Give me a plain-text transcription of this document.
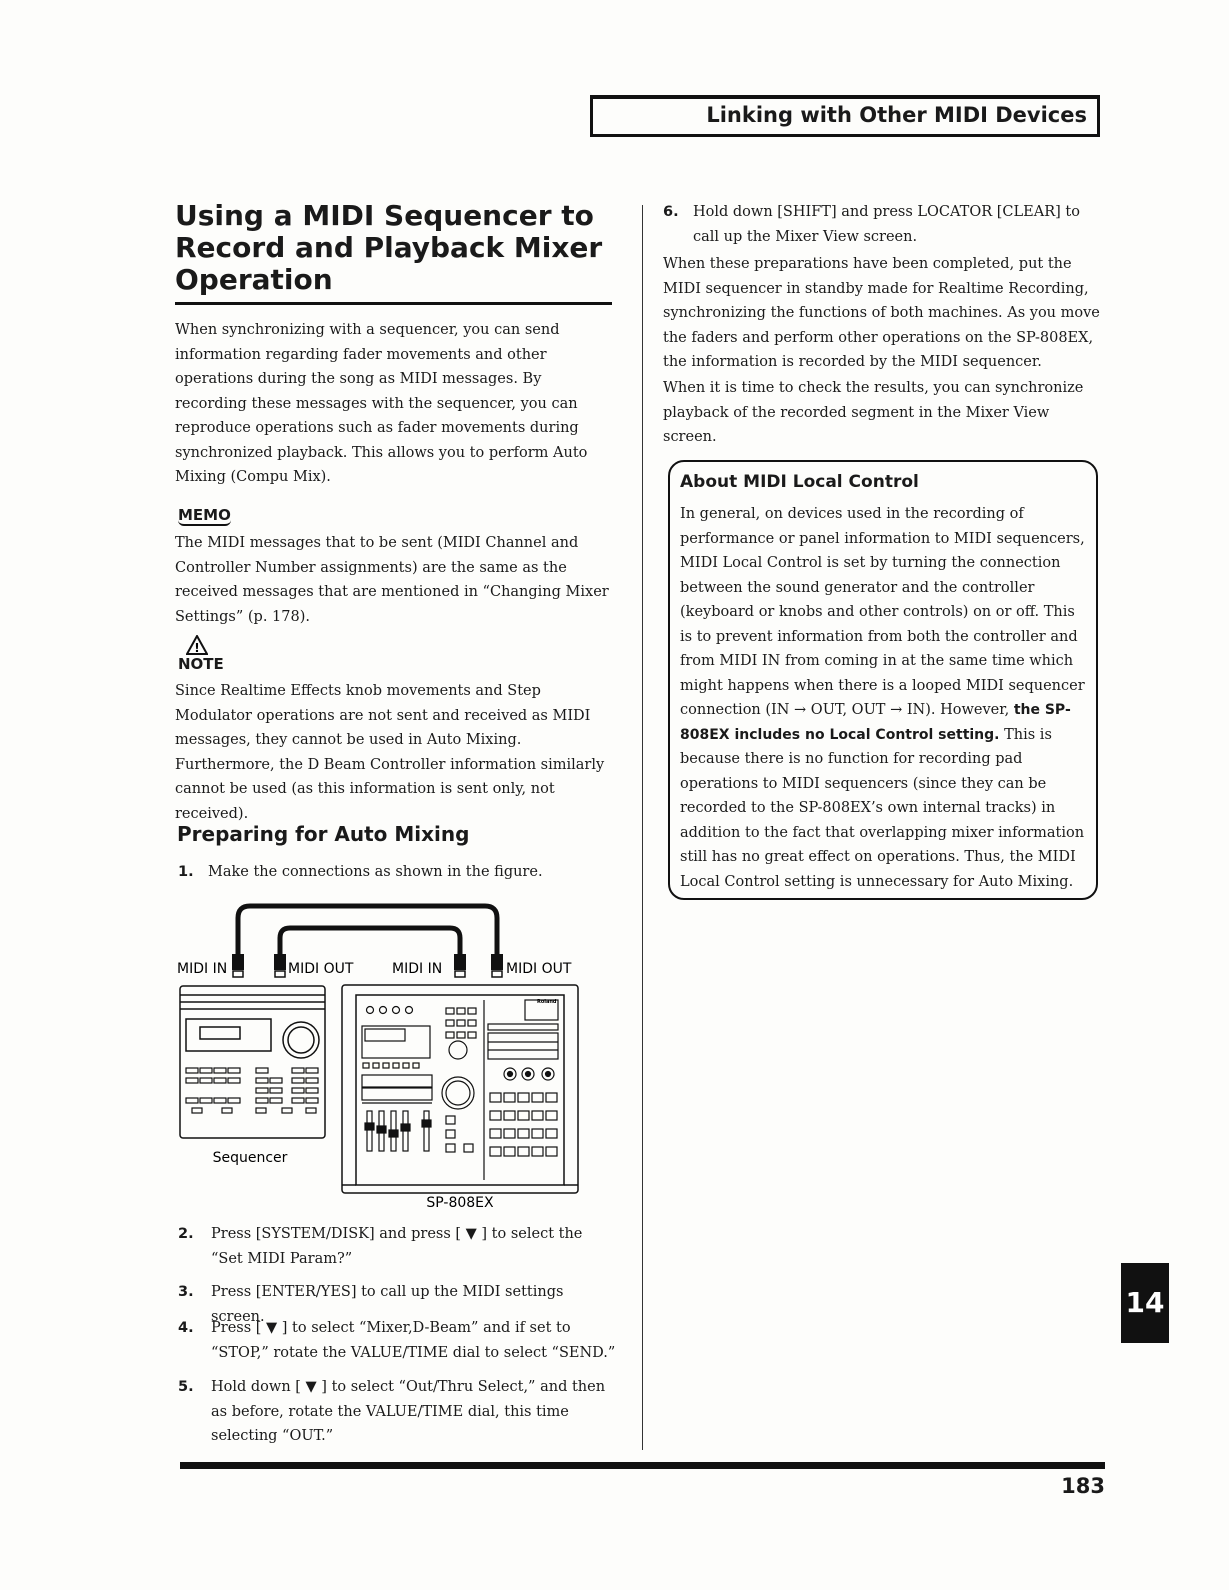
Linking with Other MIDI Devices
Using a MIDI Sequencer to
Record and Playback Mixer
Operation
When synchronizing with a sequencer, you can send information regarding fader movements and other operations during the song as MIDI messages. By recording these messages with the sequencer, you can reproduce operations such as fader movements during synchronized playback. This allows you to perform Auto Mixing (Compu Mix).
MEMO
The MIDI messages that to be sent (MIDI Channel and Controller Number assignments) are the same as the received messages that are mentioned in “Changing Mixer Settings” (p. 178).
!
NOTE
Since Realtime Effects knob movements and Step Modulator operations are not sent and received as MIDI messages, they cannot be used in Auto Mixing. Furthermore, the D Beam Controller information similarly cannot be used (as this information is sent only, not received).
Preparing for Auto Mixing
1. Make the connections as shown in the figure.
MIDI IN	MIDI OUT	MIDI IN	MIDI OUT
Sequencer
Roland
SP-808EX
2.	Press [SYSTEM/DISK] and press [ ▼ ] to select the “Set MIDI Param?”
3.	Press [ENTER/YES] to call up the MIDI settings screen.
4.	Press [ ▼ ] to select “Mixer,D-Beam” and if set to “STOP,” rotate the VALUE/TIME dial to select “SEND.”
5.	Hold down [ ▼ ] to select “Out/Thru Select,” and then as before, rotate the VALUE/TIME dial, this time selecting “OUT.”
6. Hold down [SHIFT] and press LOCATOR [CLEAR] to call up the Mixer View screen.
When these preparations have been completed, put the MIDI sequencer in standby made for Realtime Recording, synchronizing the functions of both machines. As you move the faders and perform other operations on the SP-808EX, the information is recorded by the MIDI sequencer.
When it is time to check the results, you can synchronize playback of the recorded segment in the Mixer View screen.
About MIDI Local Control
In general, on devices used in the recording of performance or panel information to MIDI sequencers, MIDI Local Control is set by turning the connection between the sound generator and the controller (keyboard or knobs and other controls) on or off. This is to prevent information from both the controller and from MIDI IN from coming in at the same time which might happens when there is a looped MIDI sequencer connection (IN → OUT, OUT → IN). However, the SP-808EX includes no Local Control setting. This is because there is no function for recording pad operations to MIDI sequencers (since they can be recorded to the SP-808EX’s own internal tracks) in addition to the fact that overlapping mixer information still has no great effect on operations. Thus, the MIDI Local Control setting is unnecessary for Auto Mixing.
14
183
